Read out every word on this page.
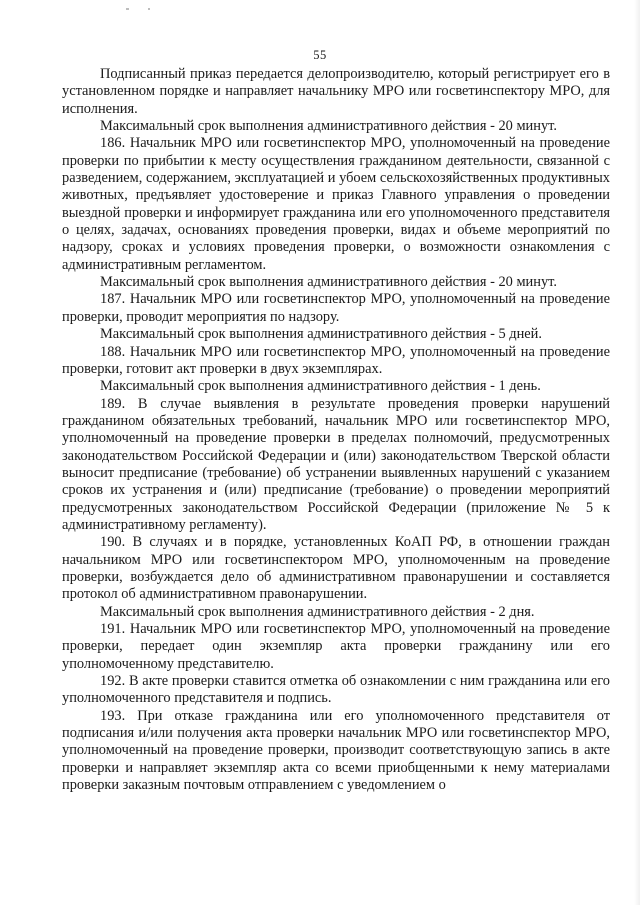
55

Подписанный приказ передается делопроизводителю, который регистрирует его в установленном порядке и направляет начальнику МРО или госветинспектору МРО, для исполнения.

Максимальный срок выполнения административного действия - 20 минут.

186. Начальник МРО или госветинспектор МРО, уполномоченный на проведение проверки по прибытии к месту осуществления гражданином деятельности, связанной с разведением, содержанием, эксплуатацией и убоем сельскохозяйственных продуктивных животных, предъявляет удостоверение и приказ Главного управления о проведении выездной проверки и информирует гражданина или его уполномоченного представителя о целях, задачах, основаниях проведения проверки, видах и объеме мероприятий по надзору, сроках и условиях проведения проверки, о возможности ознакомления с административным регламентом.

Максимальный срок выполнения административного действия - 20 минут.

187. Начальник МРО или госветинспектор МРО, уполномоченный на проведение проверки, проводит мероприятия по надзору.

Максимальный срок выполнения административного действия - 5 дней.

188. Начальник МРО или госветинспектор МРО, уполномоченный на проведение проверки, готовит акт проверки в двух экземплярах.

Максимальный срок выполнения административного действия - 1 день.

189. В случае выявления в результате проведения проверки нарушений гражданином обязательных требований, начальник МРО или госветинспектор МРО, уполномоченный на проведение проверки в пределах полномочий, предусмотренных законодательством Российской Федерации и (или) законодательством Тверской области выносит предписание (требование) об устранении выявленных нарушений с указанием сроков их устранения и (или) предписание (требование) о проведении мероприятий предусмотренных законодательством Российской Федерации (приложение № 5 к административному регламенту).

190. В случаях и в порядке, установленных КоАП РФ, в отношении граждан начальником МРО или госветинспектором МРО, уполномоченным на проведение проверки, возбуждается дело об административном правонарушении и составляется протокол об административном правонарушении.

Максимальный срок выполнения административного действия - 2 дня.

191. Начальник МРО или госветинспектор МРО, уполномоченный на проведение проверки, передает один экземпляр акта проверки гражданину или его уполномоченному представителю.

192. В акте проверки ставится отметка об ознакомлении с ним гражданина или его уполномоченного представителя и подпись.

193. При отказе гражданина или его уполномоченного представителя от подписания и/или получения акта проверки начальник МРО или госветинспектор МРО, уполномоченный на проведение проверки, производит соответствующую запись в акте проверки и направляет экземпляр акта со всеми приобщенными к нему материалами проверки заказным почтовым отправлением с уведомлением о
